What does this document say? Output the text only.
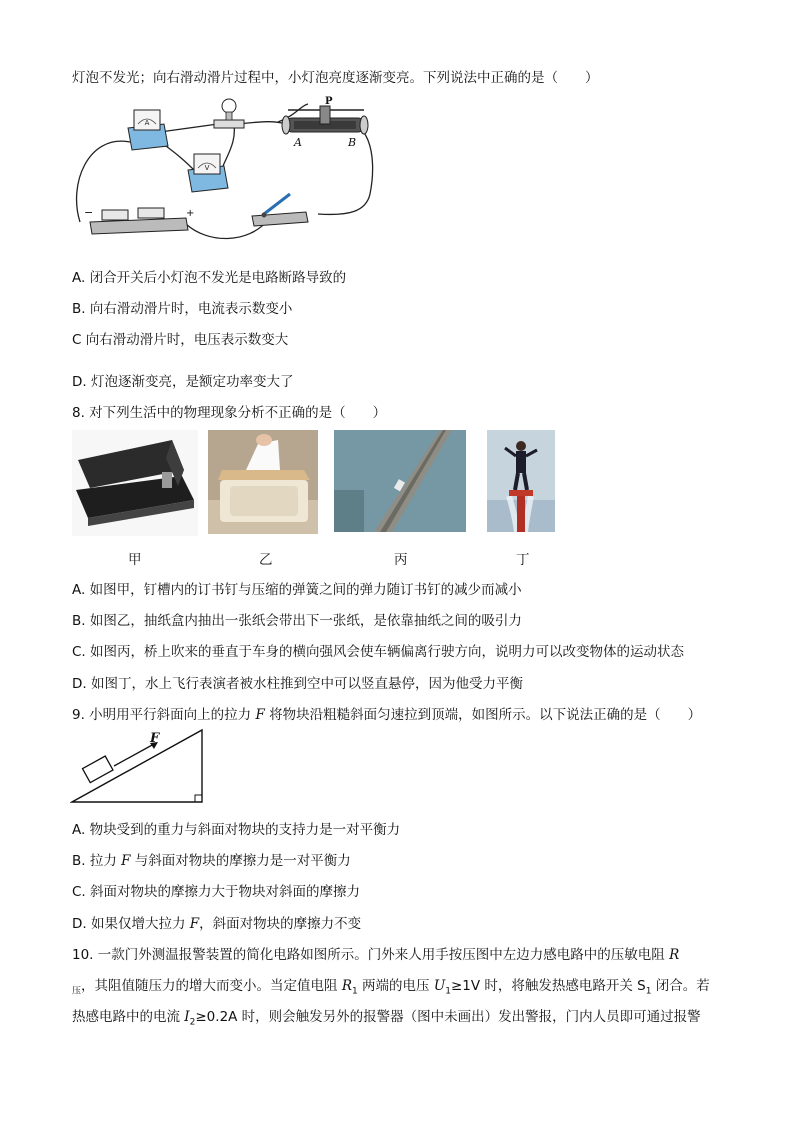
灯泡不发光；向右滑动滑片过程中，小灯泡亮度逐渐变亮。下列说法中正确的是（　　）
A
P
A	B
V
−	+
A. 闭合开关后小灯泡不发光是电路断路导致的
B. 向右滑动滑片时，电流表示数变小
C 向右滑动滑片时，电压表示数变大
D. 灯泡逐渐变亮，是额定功率变大了
8. 对下列生活中的物理现象分析不正确的是（　　）
甲	乙	丙	丁
A. 如图甲，钉槽内的订书钉与压缩的弹簧之间的弹力随订书钉的减少而减小
B. 如图乙，抽纸盒内抽出一张纸会带出下一张纸，是依靠抽纸之间的吸引力
C. 如图丙，桥上吹来的垂直于车身的横向强风会使车辆偏离行驶方向，说明力可以改变物体的运动状态
D. 如图丁，水上飞行表演者被水柱推到空中可以竖直悬停，因为他受力平衡
9. 小明用平行斜面向上的拉力 F 将物块沿粗糙斜面匀速拉到顶端，如图所示。以下说法正确的是（　　）
F
A. 物块受到的重力与斜面对物块的支持力是一对平衡力
B. 拉力 F 与斜面对物块的摩擦力是一对平衡力
C. 斜面对物块的摩擦力大于物块对斜面的摩擦力
D. 如果仅增大拉力 F，斜面对物块的摩擦力不变
10. 一款门外测温报警装置的简化电路如图所示。门外来人用手按压图中左边力感电路中的压敏电阻 R
$_压$，其阻值随压力的增大而变小。当定值电阻 $R_1$ 两端的电压 $U_1\ge 1V$ 时，将触发热感电路开关 $S_1$ 闭合。若
热感电路中的电流 $I_2\ge 0.2A$ 时，则会触发另外的报警器（图中未画出）发出警报，门内人员即可通过报警
